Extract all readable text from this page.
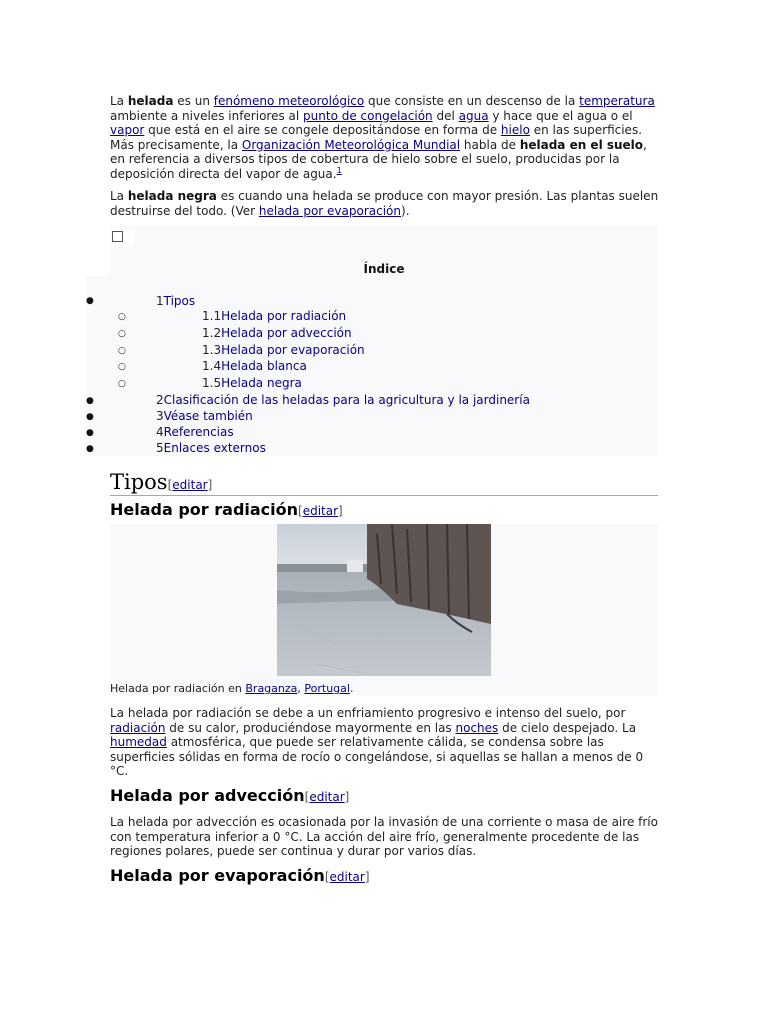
La helada es un fenómeno meteorológico que consiste en un descenso de la temperatura ambiente a niveles inferiores al punto de congelación del agua y hace que el agua o el vapor que está en el aire se congele depositándose en forma de hielo en las superficies. Más precisamente, la Organización Meteorológica Mundial habla de helada en el suelo, en referencia a diversos tipos de cobertura de hielo sobre el suelo, producidas por la deposición directa del vapor de agua.$^1$

La helada negra es cuando una helada se produce con mayor presión. Las plantas suelen destruirse del todo. (Ver helada por evaporación).

Índice
●	1Tipos
○	1.1Helada por radiación
○	1.2Helada por advección
○	1.3Helada por evaporación
○	1.4Helada blanca
○	1.5Helada negra
●	2Clasificación de las heladas para la agricultura y la jardinería
●	3Véase también
●	4Referencias
●	5Enlaces externos
Tipos[editar]
Helada por radiación[editar]
Helada por radiación en Braganza, Portugal.

La helada por radiación se debe a un enfriamiento progresivo e intenso del suelo, por radiación de su calor, produciéndose mayormente en las noches de cielo despejado. La humedad atmosférica, que puede ser relativamente cálida, se condensa sobre las superficies sólidas en forma de rocío o congelándose, si aquellas se hallan a menos de 0 °C.

Helada por advección[editar]

La helada por advección es ocasionada por la invasión de una corriente o masa de aire frío con temperatura inferior a 0 °C. La acción del aire frío, generalmente procedente de las regiones polares, puede ser continua y durar por varios días.

Helada por evaporación[editar]
